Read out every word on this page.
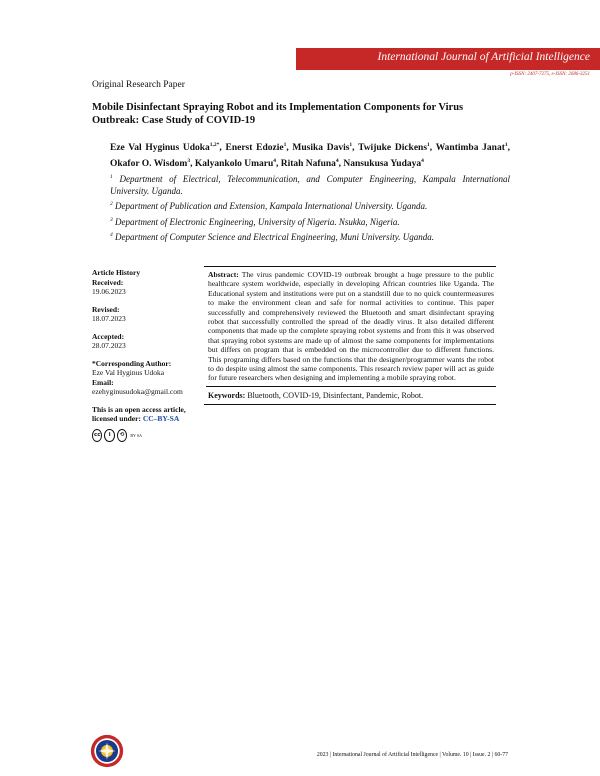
International Journal of Artificial Intelligence
p-ISSN: 2407-7275, e-ISSN: 2686-3251
Original Research Paper
Mobile Disinfectant Spraying Robot and its Implementation Components for Virus Outbreak: Case Study of COVID-19
Eze Val Hyginus Udoka$^{1,2*}$, Enerst Edozie$^1$, Musika Davis$^1$, Twijuke Dickens$^1$, Wantimba Janat$^1$, Okafor O. Wisdom$^3$, Kalyankolo Umaru$^4$, Ritah Nafuna$^4$, Nansukusa Yudaya$^4$
$^1$ Department of Electrical, Telecommunication, and Computer Engineering, Kampala International University. Uganda.
$^2$ Department of Publication and Extension, Kampala International University. Uganda.
$^3$ Department of Electronic Engineering, University of Nigeria. Nsukka, Nigeria.
$^4$ Department of Computer Science and Electrical Engineering, Muni University. Uganda.
Article History
Received:
19.06.2023
Revised:
18.07.2023
Accepted:
28.07.2023
*Corresponding Author:
Eze Val Hyginus Udoka
Email:
ezehyginusudoka@gmail.com
This is an open access article, licensed under: CC–BY-SA
cc	i	⟲	BY SA
Abstract: The virus pandemic COVID-19 outbreak brought a huge pressure to the public healthcare system worldwide, especially in developing African countries like Uganda. The Educational system and institutions were put on a standstill due to no quick countermeasures to make the environment clean and safe for normal activities to continue. This paper successfully and comprehensively reviewed the Bluetooth and smart disinfectant spraying robot that successfully controlled the spread of the deadly virus. It also detailed different components that made up the complete spraying robot systems and from this it was observed that spraying robot systems are made up of almost the same components for implementations but differs on program that is embedded on the microcontroller due to different functions. This programing differs based on the functions that the designer/programmer wants the robot to do despite using almost the same components. This research review paper will act as guide for future researchers when designing and implementing a mobile spraying robot.
Keywords: Bluetooth, COVID-19, Disinfectant, Pandemic, Robot.
2023 | International Journal of Artificial Intelligence | Volume. 10 | Issue. 2 | 60-77
